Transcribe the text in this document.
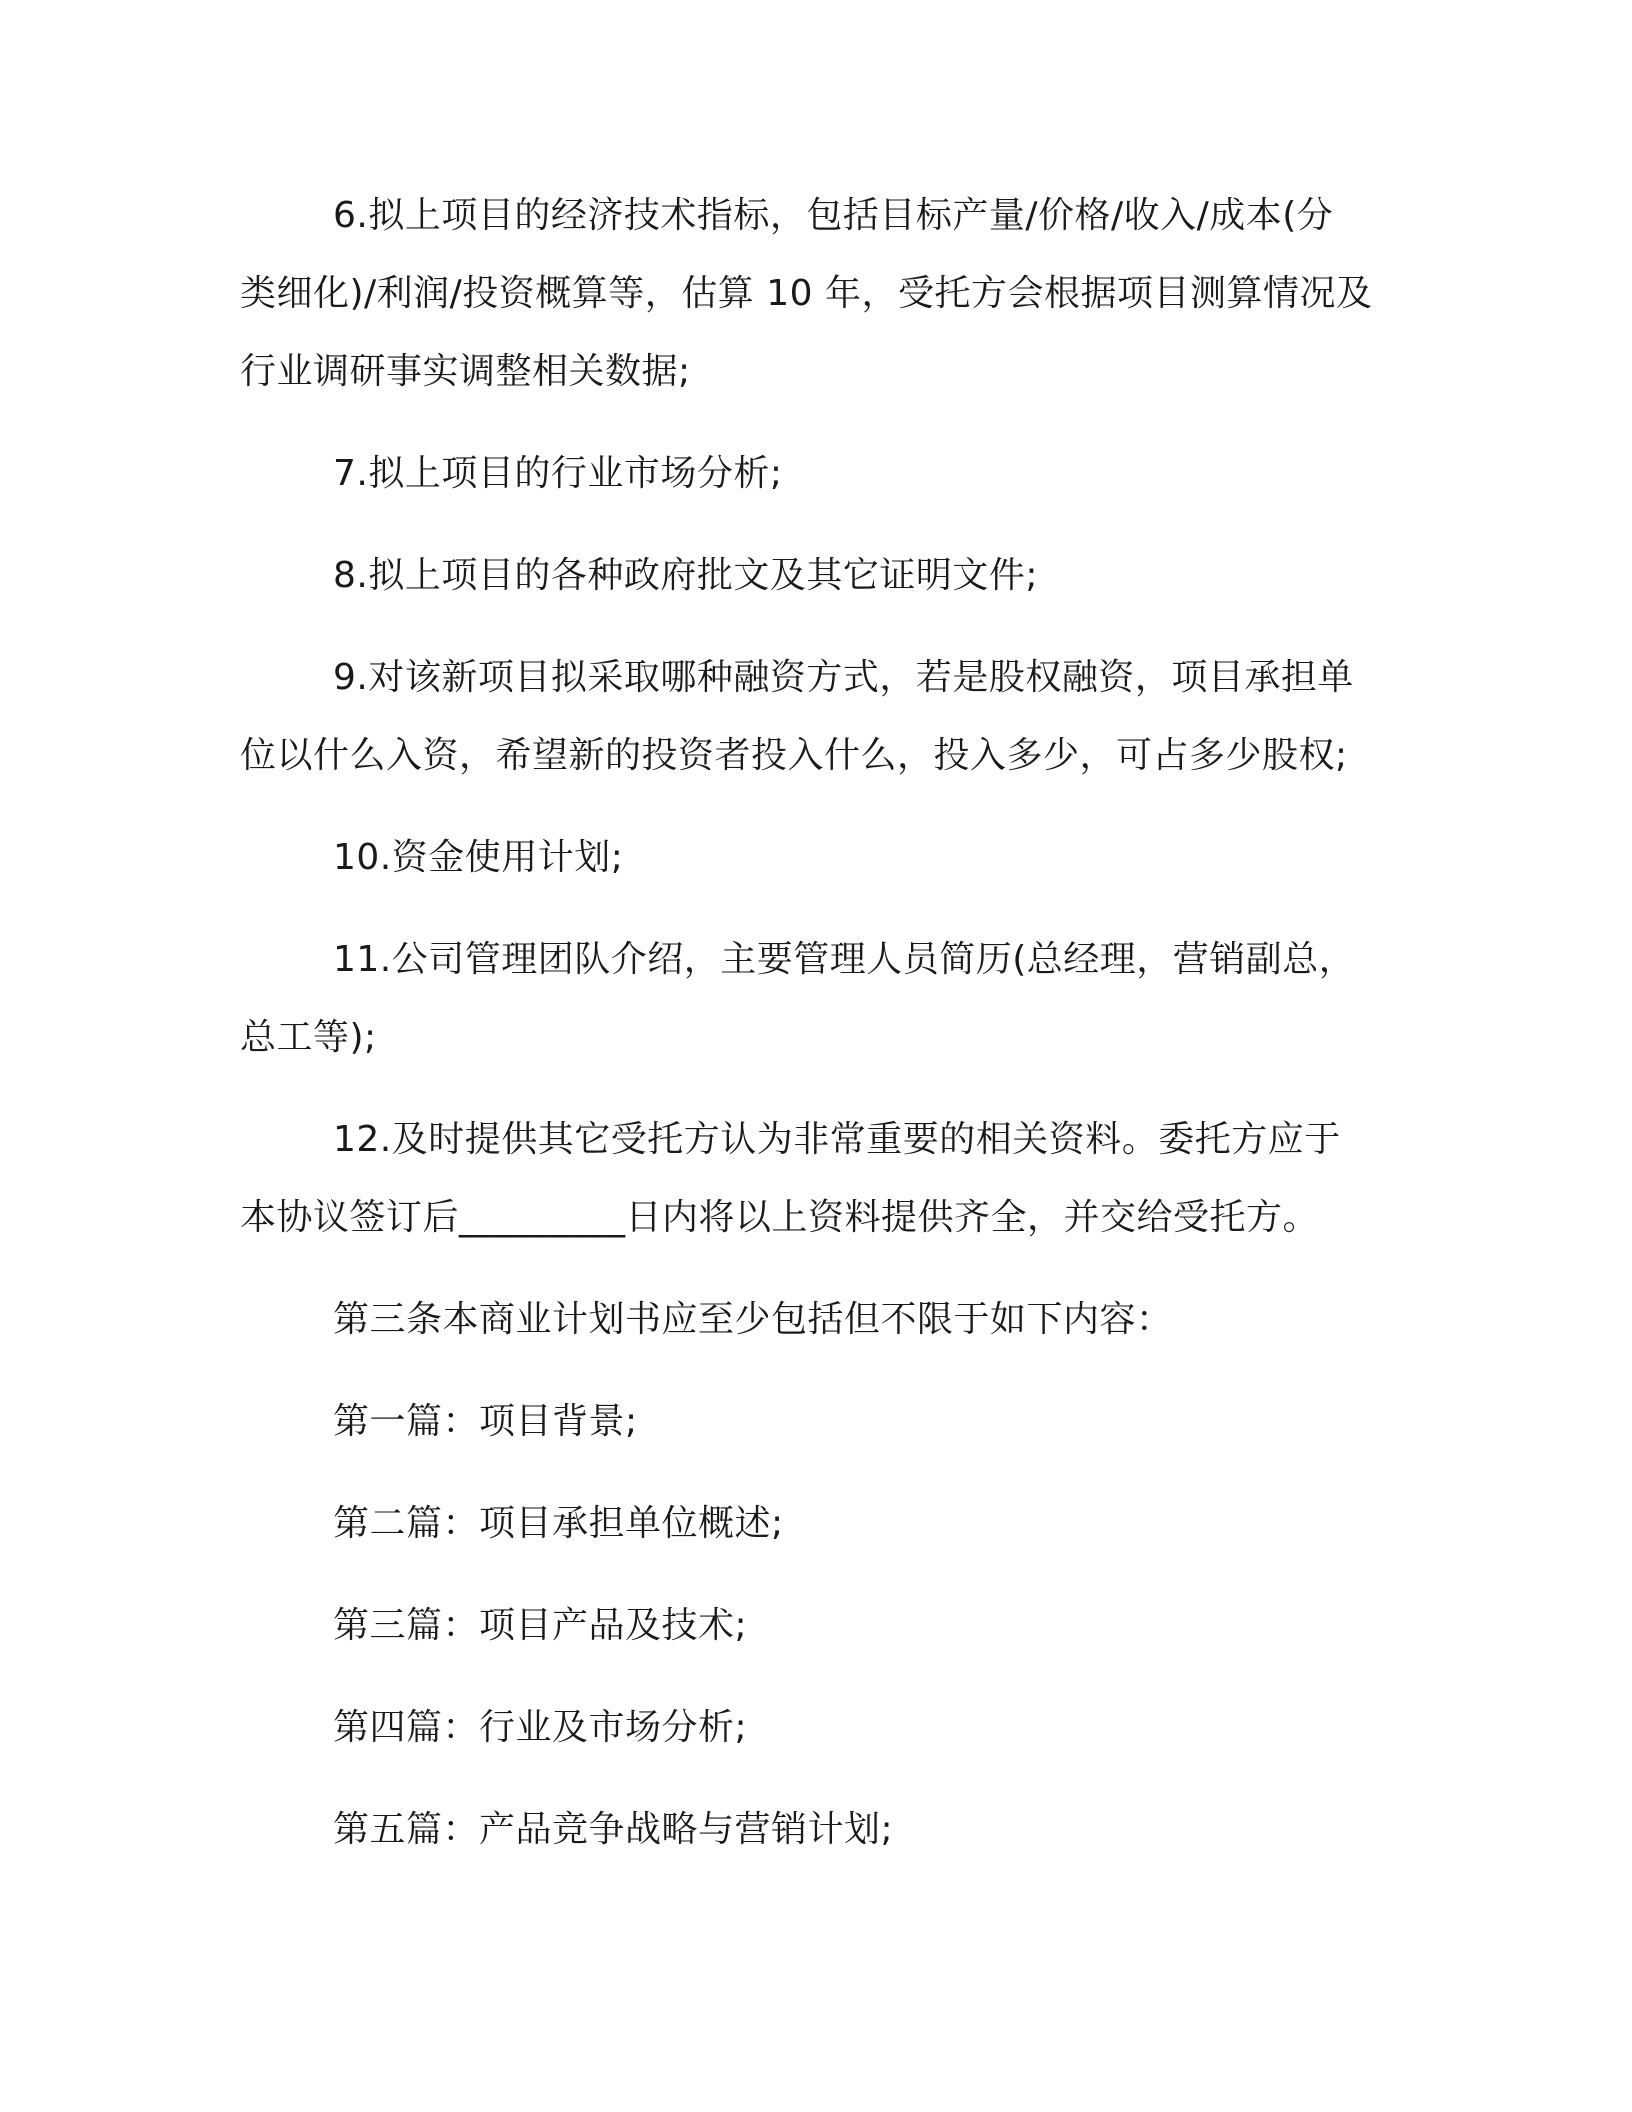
6.拟上项目的经济技术指标，包括目标产量/价格/收入/成本(分
类细化)/利润/投资概算等，估算 10 年，受托方会根据项目测算情况及
行业调研事实调整相关数据;
7.拟上项目的行业市场分析;
8.拟上项目的各种政府批文及其它证明文件;
9.对该新项目拟采取哪种融资方式，若是股权融资，项目承担单
位以什么入资，希望新的投资者投入什么，投入多少，可占多少股权;
10.资金使用计划;
11.公司管理团队介绍，主要管理人员简历(总经理，营销副总，
总工等);
12.及时提供其它受托方认为非常重要的相关资料。委托方应于
本协议签订后_________日内将以上资料提供齐全，并交给受托方。
第三条本商业计划书应至少包括但不限于如下内容：
第一篇：项目背景;
第二篇：项目承担单位概述;
第三篇：项目产品及技术;
第四篇：行业及市场分析;
第五篇：产品竞争战略与营销计划;
